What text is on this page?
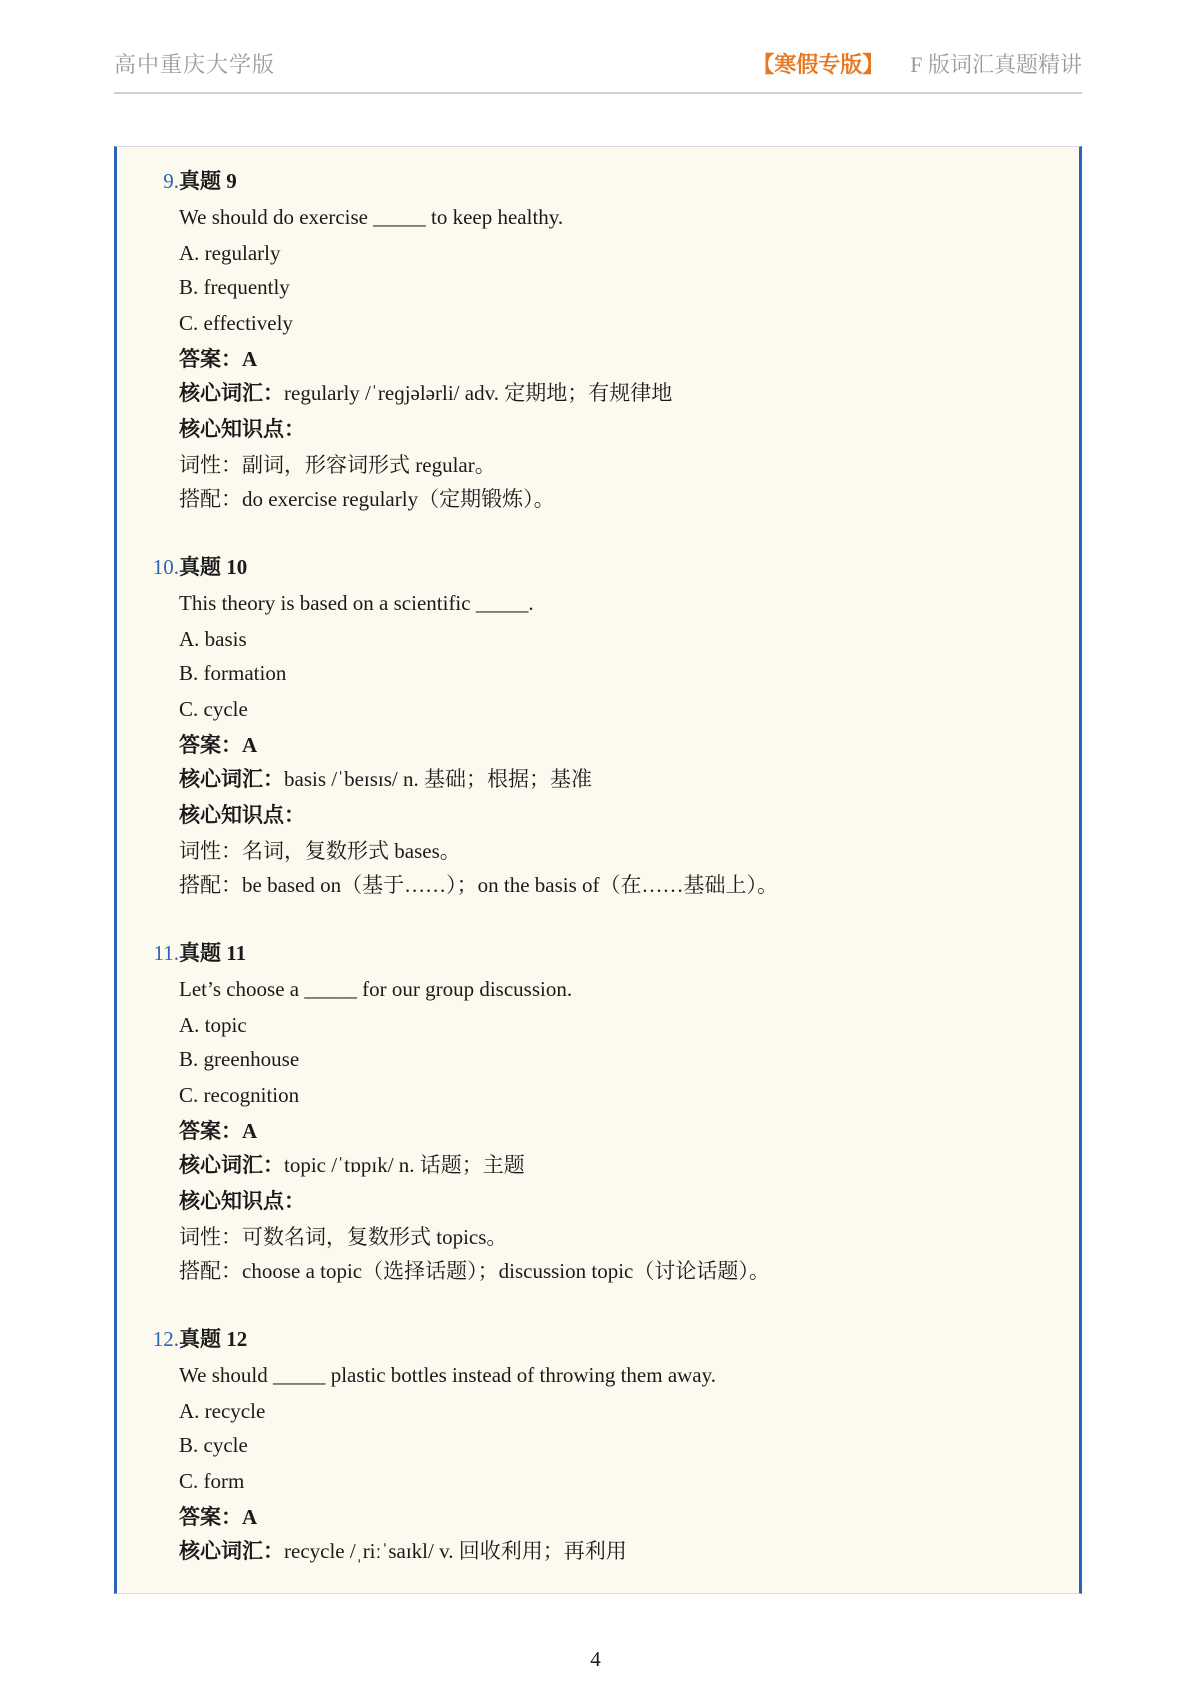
高中重庆大学版	【寒假专版】 F 版词汇真题精讲
9. 真题 9
We should do exercise _____ to keep healthy.
A. regularly
B. frequently
C. effectively
答案：A
核心词汇：regularly /ˈreɡjələrli/ adv. 定期地；有规律地
核心知识点：
词性：副词，形容词形式 regular。
搭配：do exercise regularly（定期锻炼）。
10. 真题 10
This theory is based on a scientific _____.
A. basis
B. formation
C. cycle
答案：A
核心词汇：basis /ˈbeɪsɪs/ n. 基础；根据；基准
核心知识点：
词性：名词，复数形式 bases。
搭配：be based on（基于……）；on the basis of（在……基础上）。
11. 真题 11
Let’s choose a _____ for our group discussion.
A. topic
B. greenhouse
C. recognition
答案：A
核心词汇：topic /ˈtɒpɪk/ n. 话题；主题
核心知识点：
词性：可数名词，复数形式 topics。
搭配：choose a topic（选择话题）；discussion topic（讨论话题）。
12. 真题 12
We should _____ plastic bottles instead of throwing them away.
A. recycle
B. cycle
C. form
答案：A
核心词汇：recycle /ˌriːˈsaɪkl/ v. 回收利用；再利用
4
